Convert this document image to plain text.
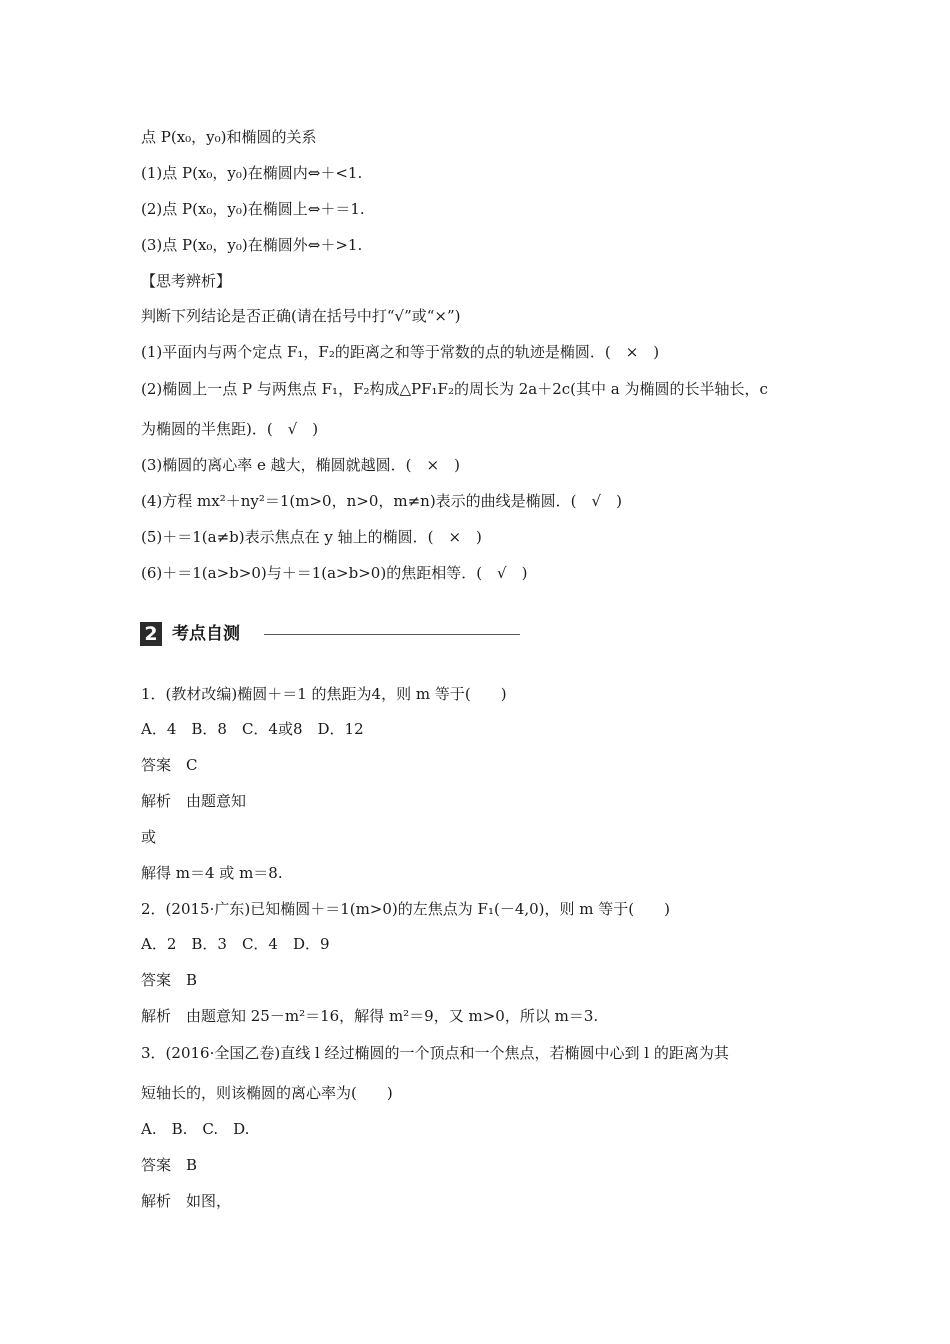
点 P(x₀，y₀)和椭圆的关系
(1)点 P(x₀，y₀)在椭圆内⇔＋<1.
(2)点 P(x₀，y₀)在椭圆上⇔＋＝1.
(3)点 P(x₀，y₀)在椭圆外⇔＋>1.
【思考辨析】
判断下列结论是否正确(请在括号中打“√”或“×”)
(1)平面内与两个定点 F₁，F₂的距离之和等于常数的点的轨迹是椭圆．(　×　)
(2)椭圆上一点 P 与两焦点 F₁，F₂构成△PF₁F₂的周长为 2a＋2c(其中 a 为椭圆的长半轴长，c
为椭圆的半焦距)．(　√　)
(3)椭圆的离心率 e 越大，椭圆就越圆．(　×　)
(4)方程 mx²＋ny²＝1(m>0，n>0，m≠n)表示的曲线是椭圆．(　√　)
(5)＋＝1(a≠b)表示焦点在 y 轴上的椭圆．(　×　)
(6)＋＝1(a>b>0)与＋＝1(a>b>0)的焦距相等．(　√　)
2 考点自测
1．(教材改编)椭圆＋＝1 的焦距为4，则 m 等于(　　)
A．4　B．8　C．4或8　D．12
答案　C
解析　由题意知
或
解得 m＝4 或 m＝8.
2．(2015·广东)已知椭圆＋＝1(m>0)的左焦点为 F₁(－4,0)，则 m 等于(　　)
A．2　B．3　C．4　D．9
答案　B
解析　由题意知 25－m²＝16，解得 m²＝9，又 m>0，所以 m＝3.
3．(2016·全国乙卷)直线 l 经过椭圆的一个顶点和一个焦点，若椭圆中心到 l 的距离为其
短轴长的，则该椭圆的离心率为(　　)
A.　B.　C.　D.
答案　B
解析　如图，
